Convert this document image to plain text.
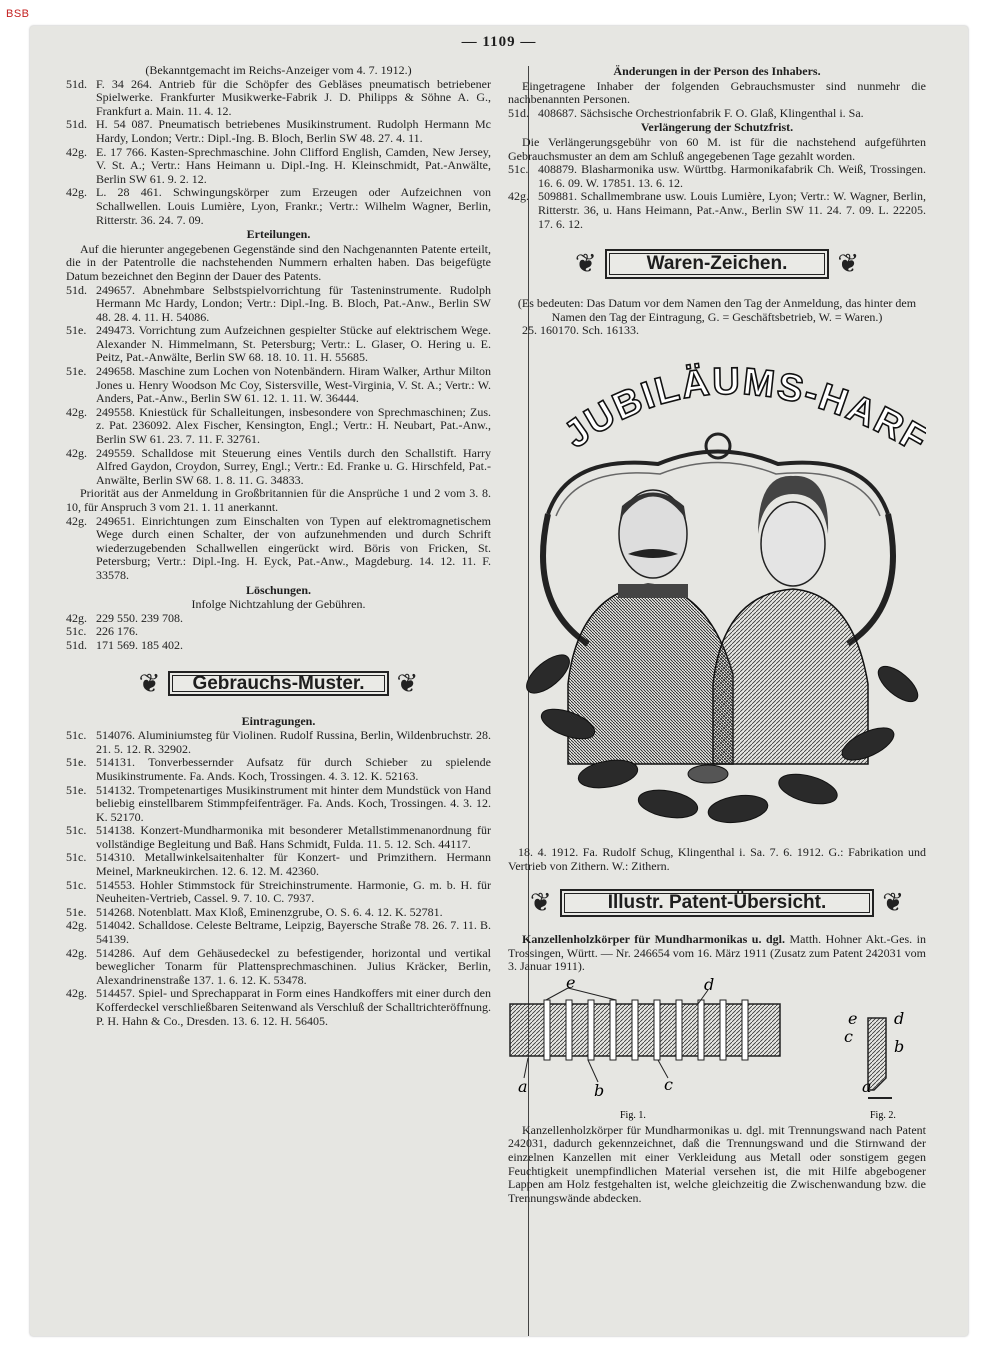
BSB
— 1109 —

(Bekanntgemacht im Reichs-Anzeiger vom 4. 7. 1912.)

51d. F. 34 264. Antrieb für die Schöpfer des Gebläses pneumatisch betriebener Spielwerke. Frankfurter Musikwerke-Fabrik J. D. Philipps & Söhne A. G., Frankfurt a. Main. 11. 4. 12.

51d. H. 54 087. Pneumatisch betriebenes Musikinstrument. Rudolph Hermann Mc Hardy, London; Vertr.: Dipl.-Ing. B. Bloch, Berlin SW 48. 27. 4. 11.

42g. E. 17 766. Kasten-Sprechmaschine. John Clifford English, Camden, New Jersey, V. St. A.; Vertr.: Hans Heimann u. Dipl.-Ing. H. Kleinschmidt, Pat.-Anwälte, Berlin SW 61. 9. 2. 12.

42g. L. 28 461. Schwingungskörper zum Erzeugen oder Aufzeichnen von Schallwellen. Louis Lumière, Lyon, Frankr.; Vertr.: Wilhelm Wagner, Berlin, Ritterstr. 36. 24. 7. 09.

Erteilungen.

Auf die hierunter angegebenen Gegenstände sind den Nachgenannten Patente erteilt, die in der Patentrolle die nachstehenden Nummern erhalten haben. Das beigefügte Datum bezeichnet den Beginn der Dauer des Patents.

51d. 249657. Abnehmbare Selbstspielvorrichtung für Tasteninstrumente. Rudolph Hermann Mc Hardy, London; Vertr.: Dipl.-Ing. B. Bloch, Pat.-Anw., Berlin SW 48. 28. 4. 11. H. 54086.

51e. 249473. Vorrichtung zum Aufzeichnen gespielter Stücke auf elektrischem Wege. Alexander N. Himmelmann, St. Petersburg; Vertr.: L. Glaser, O. Hering u. E. Peitz, Pat.-Anwälte, Berlin SW 68. 18. 10. 11. H. 55685.

51e. 249658. Maschine zum Lochen von Notenbändern. Hiram Walker, Arthur Milton Jones u. Henry Woodson Mc Coy, Sistersville, West-Virginia, V. St. A.; Vertr.: W. Anders, Pat.-Anw., Berlin SW 61. 12. 1. 11. W. 36444.

42g. 249558. Kniestück für Schalleitungen, insbesondere von Sprechmaschinen; Zus. z. Pat. 236092. Alex Fischer, Kensington, Engl.; Vertr.: H. Neubart, Pat.-Anw., Berlin SW 61. 23. 7. 11. F. 32761.

42g. 249559. Schalldose mit Steuerung eines Ventils durch den Schallstift. Harry Alfred Gaydon, Croydon, Surrey, Engl.; Vertr.: Ed. Franke u. G. Hirschfeld, Pat.-Anwälte, Berlin SW 68. 1. 8. 11. G. 34833.

Priorität aus der Anmeldung in Großbritannien für die Ansprüche 1 und 2 vom 3. 8. 10, für Anspruch 3 vom 21. 1. 11 anerkannt.

42g. 249651. Einrichtungen zum Einschalten von Typen auf elektromagnetischem Wege durch einen Schalter, der von aufzunehmenden und durch Schrift wiederzugebenden Schallwellen eingerückt wird. Böris von Fricken, St. Petersburg; Vertr.: Dipl.-Ing. H. Eyck, Pat.-Anw., Magdeburg. 14. 12. 11. F. 33578.

Löschungen.

Infolge Nichtzahlung der Gebühren.

42g. 229 550. 239 708.

51c. 226 176.

51d. 171 569. 185 402.

❦	Gebrauchs-Muster.	❦

Eintragungen.

51c. 514076. Aluminiumsteg für Violinen. Rudolf Russina, Berlin, Wildenbruchstr. 28. 21. 5. 12. R. 32902.

51e. 514131. Tonverbessernder Aufsatz für durch Schieber zu spielende Musikinstrumente. Fa. Ands. Koch, Trossingen. 4. 3. 12. K. 52163.

51e. 514132. Trompetenartiges Musikinstrument mit hinter dem Mundstück von Hand beliebig einstellbarem Stimmpfeifenträger. Fa. Ands. Koch, Trossingen. 4. 3. 12. K. 52170.

51c. 514138. Konzert-Mundharmonika mit besonderer Metallstimmenanordnung für vollständige Begleitung und Baß. Hans Schmidt, Fulda. 11. 5. 12. Sch. 44117.

51c. 514310. Metallwinkelsaitenhalter für Konzert- und Primzithern. Hermann Meinel, Markneukirchen. 12. 6. 12. M. 42360.

51c. 514553. Hohler Stimmstock für Streichinstrumente. Harmonie, G. m. b. H. für Neuheiten-Vertrieb, Cassel. 9. 7. 10. C. 7937.

51e. 514268. Notenblatt. Max Kloß, Eminenzgrube, O. S. 6. 4. 12. K. 52781.

42g. 514042. Schalldose. Celeste Beltrame, Leipzig, Bayersche Straße 78. 26. 7. 11. B. 54139.

42g. 514286. Auf dem Gehäusedeckel zu befestigender, horizontal und vertikal beweglicher Tonarm für Plattensprechmaschinen. Julius Kräcker, Berlin, Alexandrinenstraße 137. 1. 6. 12. K. 53478.

42g. 514457. Spiel- und Sprechapparat in Form eines Handkoffers mit einer durch den Kofferdeckel verschließbaren Seitenwand als Verschluß der Schalltrichteröffnung. P. H. Hahn & Co., Dresden. 13. 6. 12. H. 56405.

Änderungen in der Person des Inhabers.

Eingetragene Inhaber der folgenden Gebrauchsmuster sind nunmehr die nachbenannten Personen.

51d. 408687. Sächsische Orchestrionfabrik F. O. Glaß, Klingenthal i. Sa.

Verlängerung der Schutzfrist.

Die Verlängerungsgebühr von 60 M. ist für die nachstehend aufgeführten Gebrauchsmuster an dem am Schluß angegebenen Tage gezahlt worden.

51c. 408879. Blasharmonika usw. Württbg. Harmonikafabrik Ch. Weiß, Trossingen. 16. 6. 09. W. 17851. 13. 6. 12.

42g. 509881. Schallmembrane usw. Louis Lumière, Lyon; Vertr.: W. Wagner, Berlin, Ritterstr. 36, u. Hans Heimann, Pat.-Anw., Berlin SW 11. 24. 7. 09. L. 22205. 17. 6. 12.

❦	Waren-Zeichen.	❦

(Es bedeuten: Das Datum vor dem Namen den Tag der Anmeldung, das hinter dem Namen den Tag der Eintragung, G. = Geschäftsbetrieb, W. = Waren.)

25. 160170. Sch. 16133.

JUBILÄUMS-HAR

18. 4. 1912. Fa. Rudolf Schug, Klingenthal i. Sa. 7. 6. 1912. G.: Fabrikation und Vertrieb von Zithern. W.: Zithern.

❦	Illustr. Patent-Übersicht.	❦

Kanzellenholzkörper für Mundharmonikas u. dgl. Matth. Hohner Akt.-Ges. in Trossingen, Württ. — Nr. 246654 vom 16. März 1911 (Zusatz zum Patent 242031 vom 3. Januar 1911).

e	d
a	b	c
e d
c
b
a
Fig. 1.	Fig. 2.

Kanzellenholzkörper für Mundharmonikas u. dgl. mit Trennungswand nach Patent 242031, dadurch gekennzeichnet, daß die Trennungswand und die Stirnwand der einzelnen Kanzellen mit einer Verkleidung aus Metall oder sonstigem gegen Feuchtigkeit unempfindlichen Material versehen ist, die mit Hilfe abgebogener Lappen am Holz festgehalten ist, welche gleichzeitig die Zwischenwandung bzw. die Trennungswände abdecken.
